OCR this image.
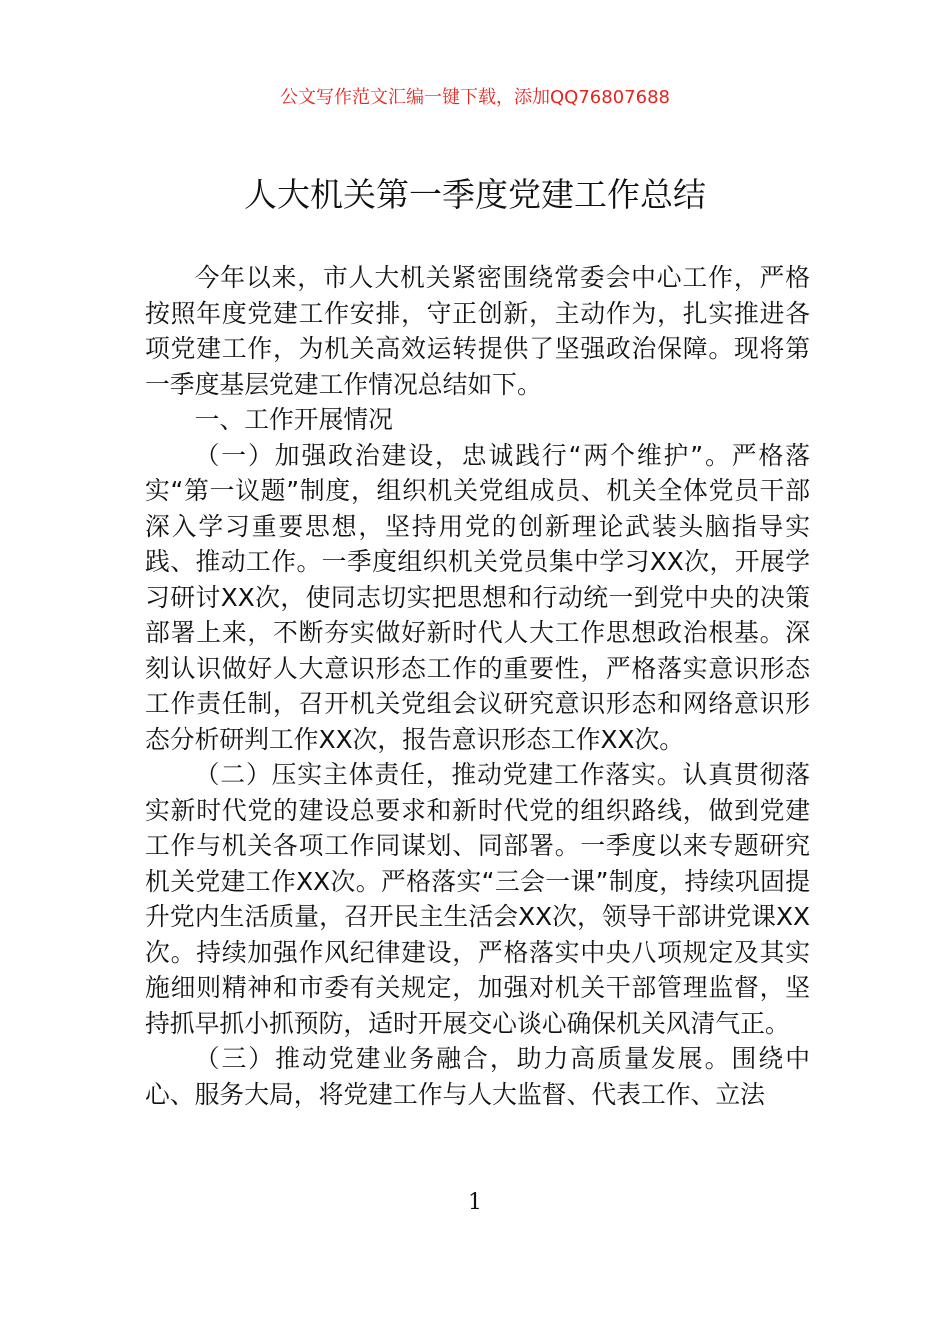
公文写作范文汇编一键下载，添加QQ76807688
人大机关第一季度党建工作总结

今年以来，市人大机关紧密围绕常委会中心工作，严格按照年度党建工作安排，守正创新，主动作为，扎实推进各项党建工作，为机关高效运转提供了坚强政治保障。现将第一季度基层党建工作情况总结如下。

一、工作开展情况

（一）加强政治建设，忠诚践行“两个维护”。严格落实“第一议题”制度，组织机关党组成员、机关全体党员干部深入学习重要思想，坚持用党的创新理论武装头脑指导实践、推动工作。一季度组织机关党员集中学习XX次，开展学习研讨XX次，使同志切实把思想和行动统一到党中央的决策部署上来，不断夯实做好新时代人大工作思想政治根基。深刻认识做好人大意识形态工作的重要性，严格落实意识形态工作责任制，召开机关党组会议研究意识形态和网络意识形态分析研判工作XX次，报告意识形态工作XX次。

（二）压实主体责任，推动党建工作落实。认真贯彻落实新时代党的建设总要求和新时代党的组织路线，做到党建工作与机关各项工作同谋划、同部署。一季度以来专题研究机关党建工作XX次。严格落实“三会一课”制度，持续巩固提升党内生活质量，召开民主生活会XX次，领导干部讲党课XX次。持续加强作风纪律建设，严格落实中央八项规定及其实施细则精神和市委有关规定，加强对机关干部管理监督，坚持抓早抓小抓预防，适时开展交心谈心确保机关风清气正。

（三）推动党建业务融合，助力高质量发展。围绕中心、服务大局，将党建工作与人大监督、代表工作、立法

1
